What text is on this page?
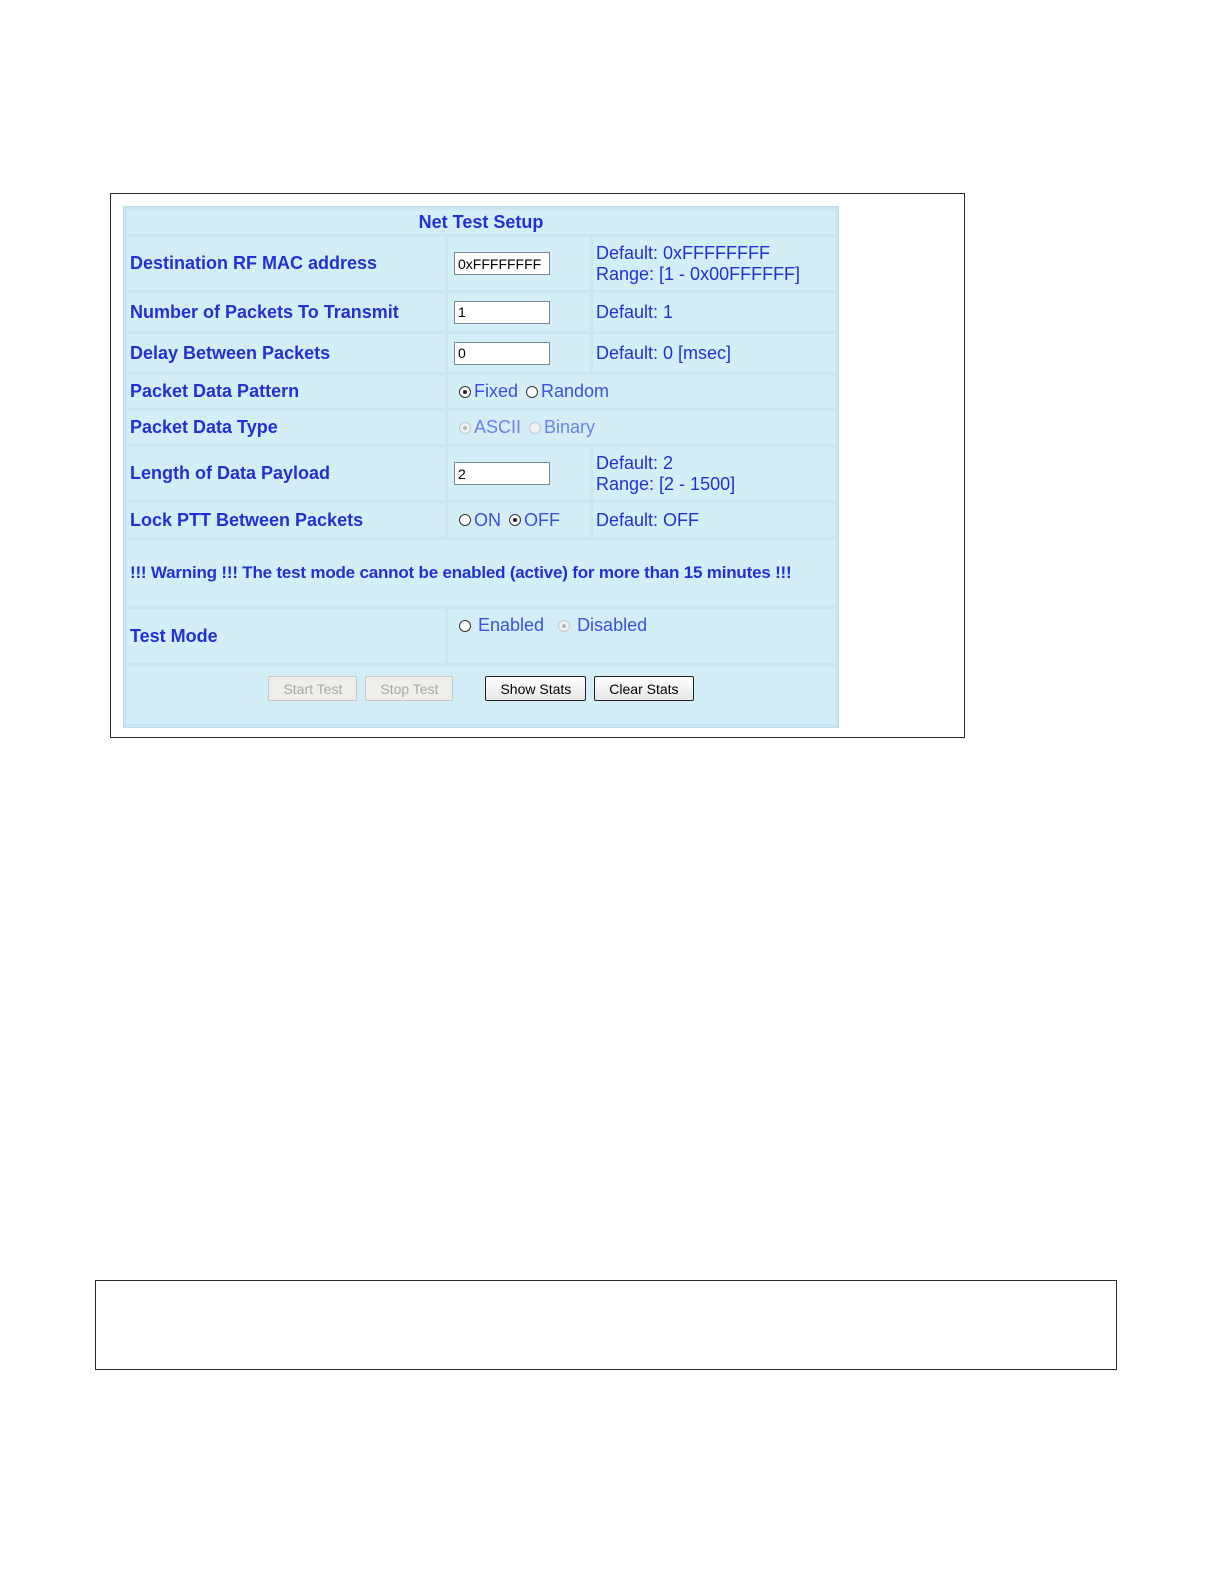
Net Test Setup		
Destination RF MAC address	0xFFFFFFFF	Default: 0xFFFFFFFF
Range: [1 - 0x00FFFFFF]

Number of Packets To Transmit	1	Default: 1
Delay Between Packets	0	Default: 0 [msec]
Packet Data Pattern	Fixed Random	

Packet Data Type	ASCII Binary	

Length of Data Payload	2	Default: 2
Range: [2 - 1500]

Lock PTT Between Packets	ON OFF	Default: OFF
!!! Warning !!! The test mode cannot be enabled (active) for more than 15 minutes !!!		
Test Mode	Enabled Disabled	

Start Test Stop Test Show Stats Clear Stats		
